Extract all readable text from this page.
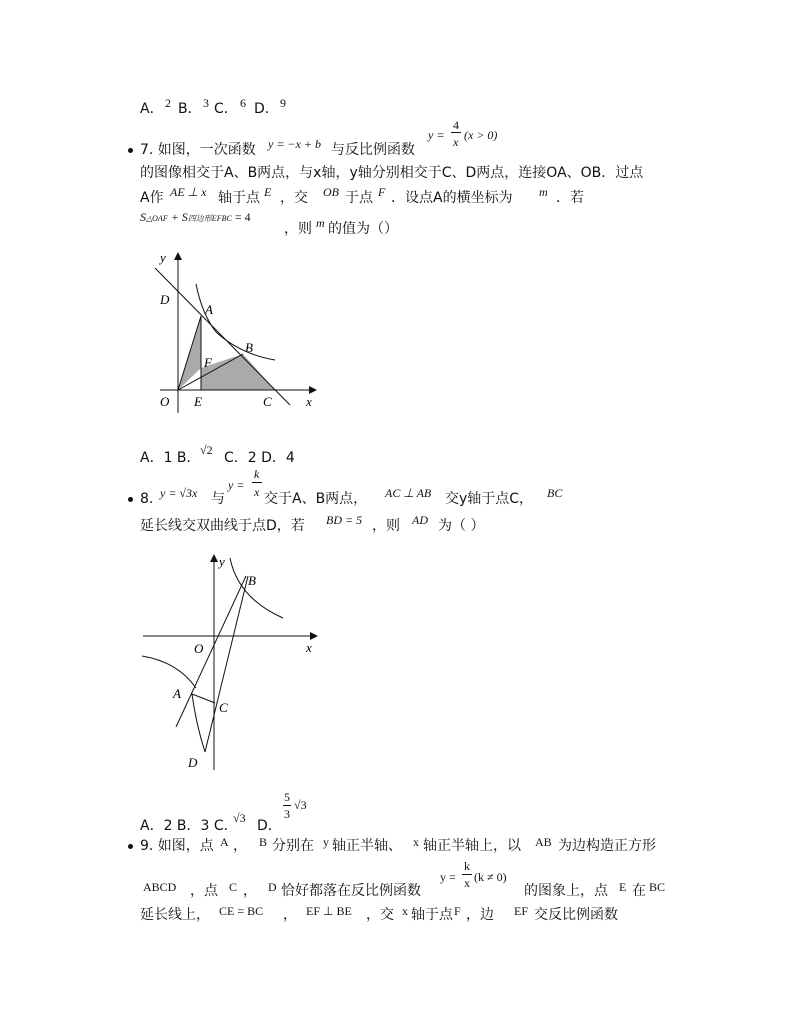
A． 2 B． 3 C． 6 D． 9
7. 如图，一次函数 y = −x + b 与反比例函数
y =
4
x (x > 0)
的图像相交于A、B两点，与x轴，y轴分别相交于C、D两点，连接OA、OB．过点
A作 AE ⊥ x 轴于点 E ，交 OB 于点 F ．设点A的横坐标为 m ．若
S△OAF + S四边形EFBC = 4
，则 m 的值为（）
y
D
A
B
F
O E	C	x
A．1 B． √2 C．2 D．4
8. y = √3x 与
y =
k
x 交于A、B两点， AC ⊥ AB 交y轴于点C， BC
延长线交双曲线于点D，若 BD = 5 ，则 AD 为（ ）
y
B
O	x
A
C
D
A．2 B．3 C．
√3 D．
5
3
√3
9. 如图，点 A ， B 分别在 y 轴正半轴、 x 轴正半轴上，以 AB 为边构造正方形
ABCD ，点 C ， D 恰好都落在反比例函数
y =
k
x (k ≠ 0)
的图象上，点 E 在 BC
延长线上， CE = BC ， EF ⊥ BE ，交 x 轴于点 F ，边 EF 交反比例函数
